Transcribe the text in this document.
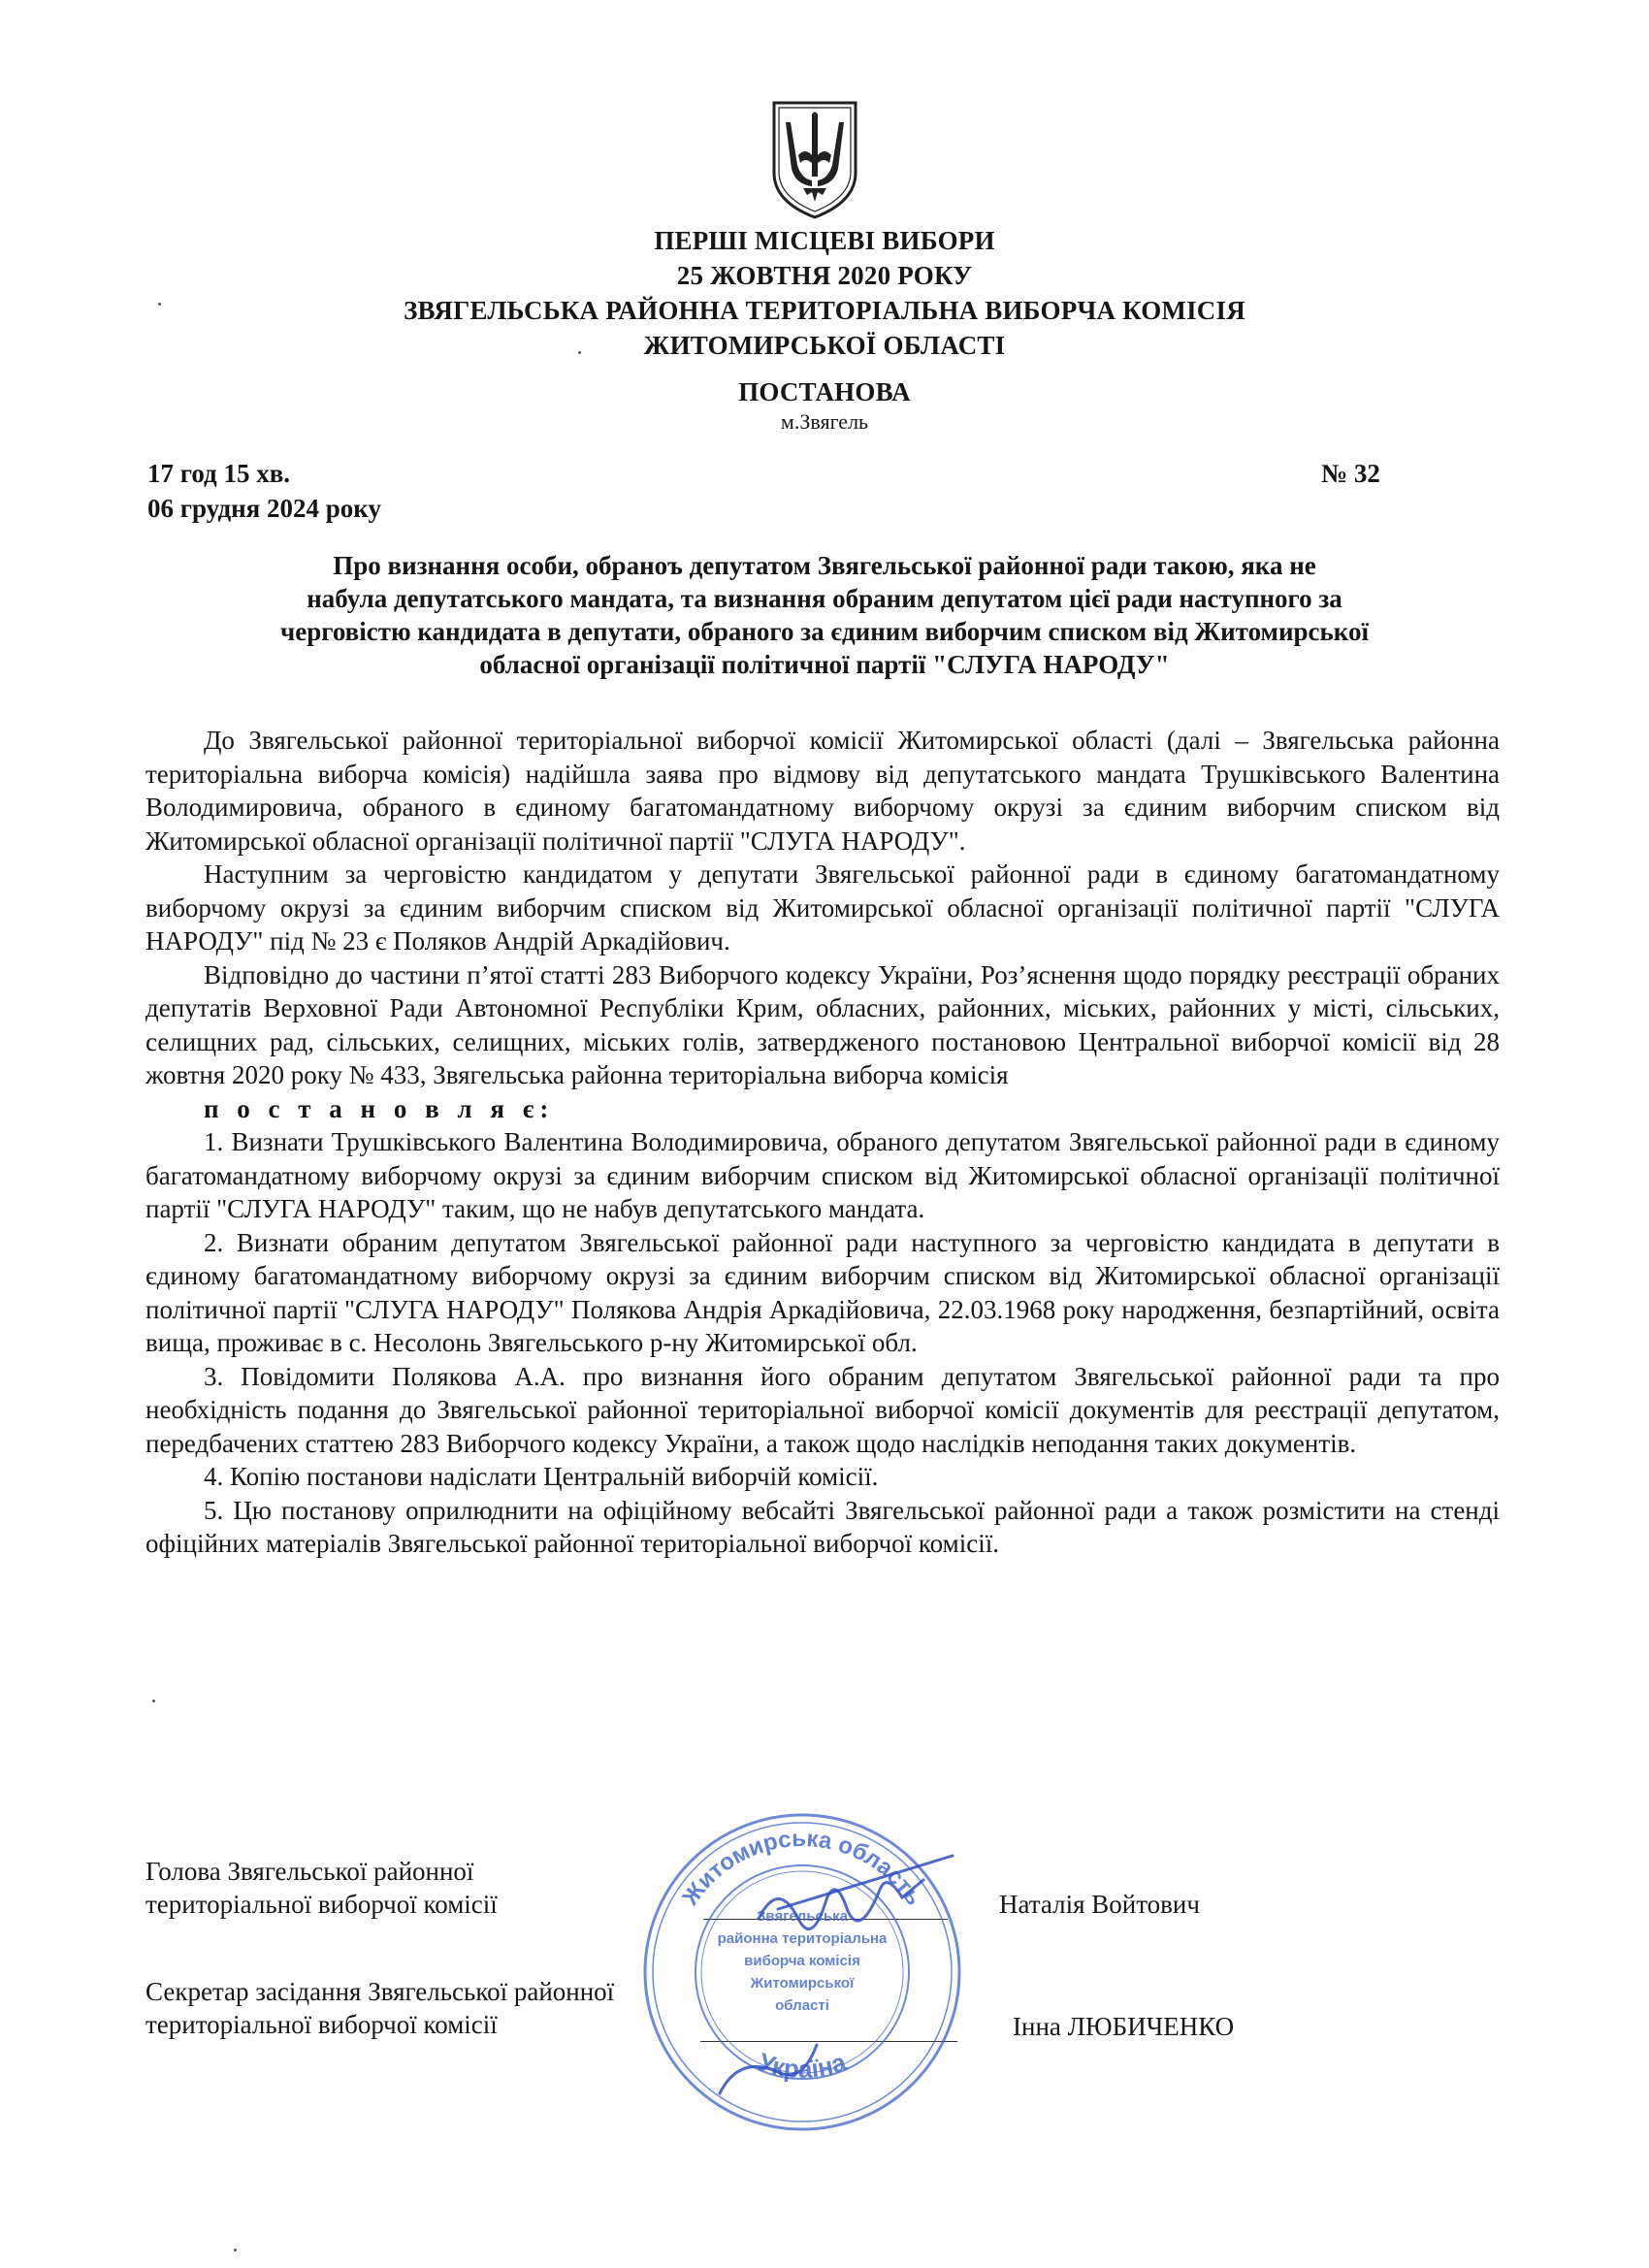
ПЕРШІ МІСЦЕВІ ВИБОРИ
25 ЖОВТНЯ 2020 РОКУ
ЗВЯГЕЛЬСЬКА РАЙОННА ТЕРИТОРІАЛЬНА ВИБОРЧА КОМІСІЯ
ЖИТОМИРСЬКОЇ ОБЛАСТІ
ПОСТАНОВА
м.Звягель
17 год 15 хв.
06 грудня 2024 року
№ 32
Про визнання особи, обраноъ депутатом Звягельської районної ради такою, яка не
набула депутатського мандата, та визнання обраним депутатом цієї ради наступного за
черговістю кандидата в депутати, обраного за єдиним виборчим списком від Житомирської
обласної організації політичної партії "СЛУГА НАРОДУ"

До Звягельської районної територіальної виборчої комісії Житомирської області (далі – Звягельська районна територіальна виборча комісія) надійшла заява про відмову від депутатського мандата Трушківського Валентина Володимировича, обраного в єдиному багатомандатному виборчому окрузі за єдиним виборчим списком від Житомирської обласної організації політичної партії "СЛУГА НАРОДУ".

Наступним за черговістю кандидатом у депутати Звягельської районної ради в єдиному багатомандатному виборчому окрузі за єдиним виборчим списком від Житомирської обласної організації політичної партії "СЛУГА НАРОДУ" під № 23 є Поляков Андрій Аркадійович.

Відповідно до частини п’ятої статті 283 Виборчого кодексу України, Роз’яснення щодо порядку реєстрації обраних депутатів Верховної Ради Автономної Республіки Крим, обласних, районних, міських, районних у місті, сільських, селищних рад, сільських, селищних, міських голів, затвердженого постановою Центральної виборчої комісії від 28 жовтня 2020 року № 433, Звягельська районна територіальна виборча комісія

п о с т а н о в л я є:

1. Визнати Трушківського Валентина Володимировича, обраного депутатом Звягельської районної ради в єдиному багатомандатному виборчому окрузі за єдиним виборчим списком від Житомирської обласної організації політичної партії "СЛУГА НАРОДУ" таким, що не набув депутатського мандата.

2. Визнати обраним депутатом Звягельської районної ради наступного за черговістю кандидата в депутати в єдиному багатомандатному виборчому окрузі за єдиним виборчим списком від Житомирської обласної організації політичної партії "СЛУГА НАРОДУ" Полякова Андрія Аркадійовича, 22.03.1968 року народження, безпартійний, освіта вища, проживає в с. Несолонь Звягельського р-ну Житомирської обл.

3. Повідомити Полякова А.А. про визнання його обраним депутатом Звягельської районної ради та про необхідність подання до Звягельської районної територіальної виборчої комісії документів для реєстрації депутатом, передбачених статтею 283 Виборчого кодексу України, а також щодо наслідків неподання таких документів.

4. Копію постанови надіслати Центральній виборчій комісії.

5. Цю постанову оприлюднити на офіційному вебсайті Звягельської районної ради а також розмістити на стенді офіційних матеріалів Звягельської районної територіальної виборчої комісії.

Голова Звягельської районної
територіальної виборчої комісії	Наталія Войтович
Секретар засідання Звягельської районної
територіальної виборчої комісії	Інна ЛЮБИЧЕНКО
Житомирська область
Україна
Звягельська
районна територіальна
виборча комісія
Житомирської
області
